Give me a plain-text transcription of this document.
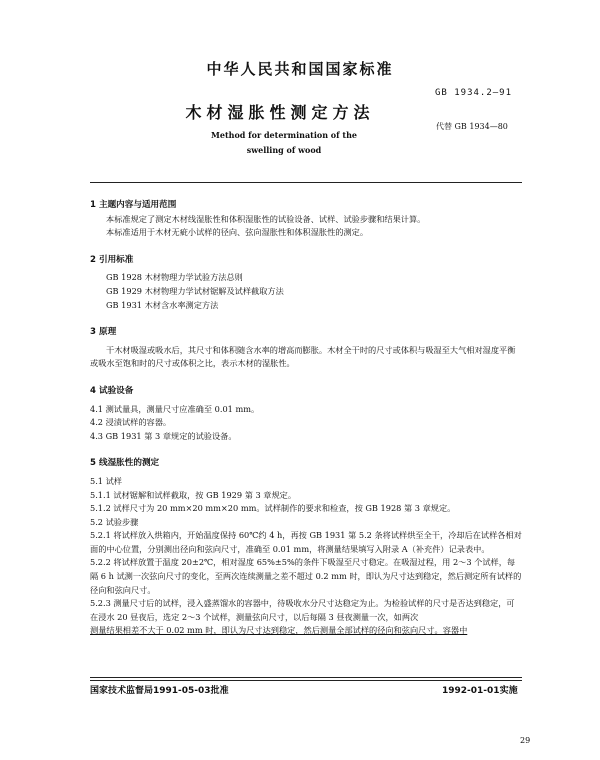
中华人民共和国国家标准
GB 1934.2—91
木材湿胀性测定方法
代替 GB 1934—80
Method for determination of the
swelling of wood
1 主题内容与适用范围
本标准规定了测定木材线湿胀性和体积湿胀性的试验设备、试样、试验步骤和结果计算。
本标准适用于木材无疵小试样的径向、弦向湿胀性和体积湿胀性的测定。
2 引用标准
GB 1928 木材物理力学试验方法总则
GB 1929 木材物理力学试材锯解及试样截取方法
GB 1931 木材含水率测定方法
3 原理
干木材吸湿或吸水后，其尺寸和体积随含水率的增高而膨胀。木材全干时的尺寸或体积与吸湿至大气相对湿度平衡或吸水至饱和时的尺寸或体积之比，表示木材的湿胀性。
4 试验设备
4.1 测试量具，测量尺寸应准确至 0.01 mm。
4.2 浸渍试样的容器。
4.3 GB 1931 第 3 章规定的试验设备。
5 线湿胀性的测定
5.1 试样
5.1.1 试材锯解和试样截取，按 GB 1929 第 3 章规定。
5.1.2 试样尺寸为 20 mm×20 mm×20 mm。试样制作的要求和检查，按 GB 1928 第 3 章规定。
5.2 试验步骤
5.2.1 将试样放入烘箱内，开始温度保持 60℃约 4 h，再按 GB 1931 第 5.2 条将试样烘至全干，冷却后在试样各相对面的中心位置，分别测出径向和弦向尺寸，准确至 0.01 mm，将测量结果填写入附录 A（补充件）记录表中。
5.2.2 将试样放置于温度 20±2℃，相对湿度 65%±5%的条件下吸湿至尺寸稳定。在吸湿过程，用 2～3 个试样，每隔 6 h 试测一次弦向尺寸的变化，至两次连续测量之差不超过 0.2 mm 时，即认为尺寸达到稳定，然后测定所有试样的径向和弦向尺寸。
5.2.3 测量尺寸后的试样，浸入盛蒸馏水的容器中，待吸收水分尺寸达稳定为止。为检验试样的尺寸是否达到稳定，可在浸水 20 昼夜后，选定 2～3 个试样，测量弦向尺寸，以后每隔 3 昼夜测量一次，如两次
测量结果相差不大于 0.02 mm 时，即认为尺寸达到稳定，然后测量全部试样的径向和弦向尺寸。容器中
国家技术监督局1991-05-03批准	1992-01-01实施
29
